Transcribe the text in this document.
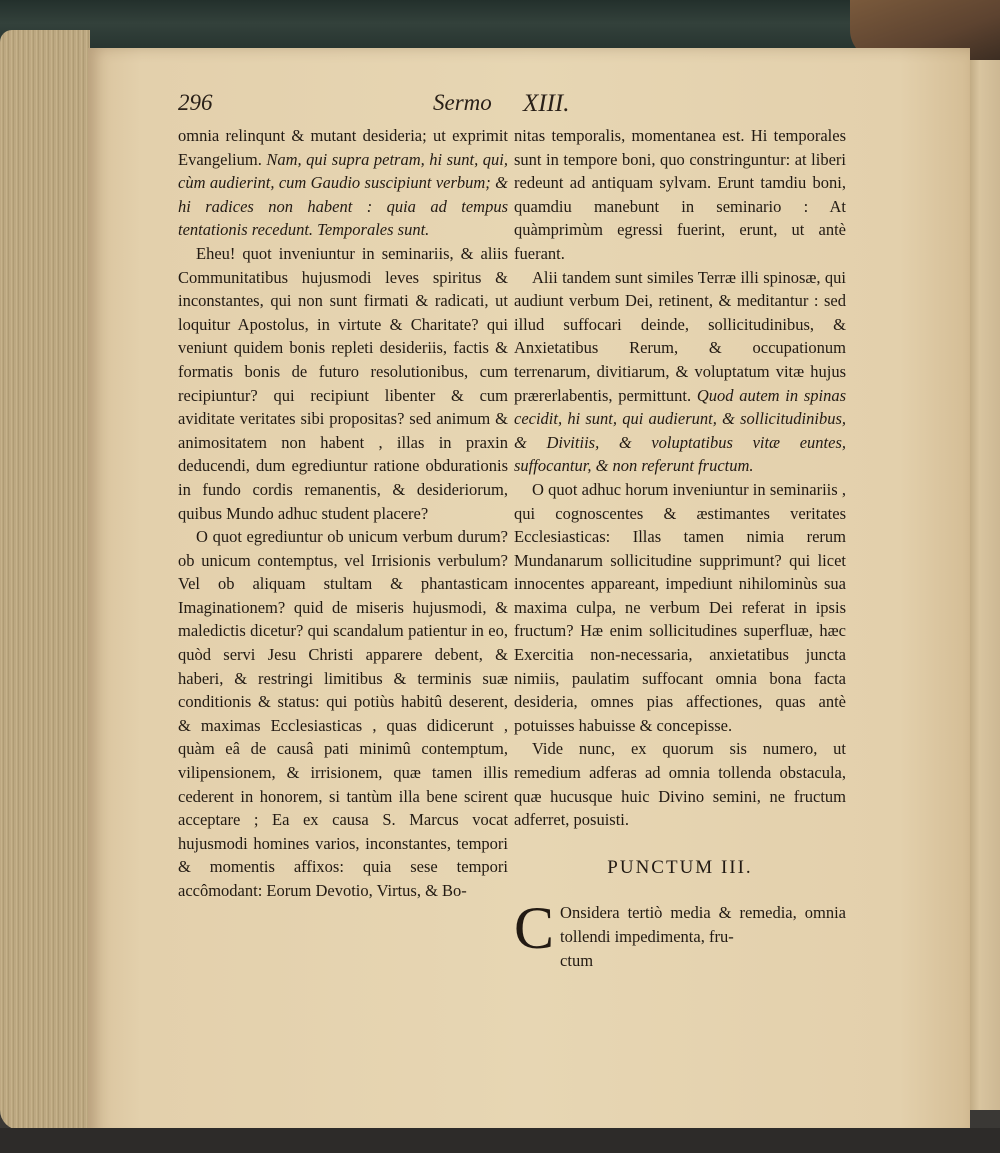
296	Sermo XIII.

omnia relinqunt & mutant desideria; ut exprimit Evangelium. Nam, qui supra petram, hi sunt, qui, cùm audierint, cum Gaudio suscipiunt verbum; & hi radices non habent : quia ad tempus tentationis recedunt. Temporales sunt.

Eheu! quot inveniuntur in seminariis, & aliis Communitatibus hujusmodi leves spiritus & inconstantes, qui non sunt firmati & radicati, ut loquitur Apostolus, in virtute & Charitate? qui veniunt quidem bonis repleti desideriis, factis & formatis bonis de futuro resolutionibus, cum recipiuntur? qui recipiunt libenter & cum aviditate veritates sibi propositas? sed animum & animositatem non habent , illas in praxin deducendi, dum egrediuntur ratione obdurationis in fundo cordis remanentis, & desideriorum, quibus Mundo adhuc student placere?

O quot egrediuntur ob unicum verbum durum? ob unicum contemptus, vel Irrisionis verbulum? Vel ob aliquam stultam & phantasticam Imaginationem? quid de miseris hujusmodi, & maledictis dicetur? qui scandalum patientur in eo, quòd servi Jesu Christi apparere debent, & haberi, & restringi limitibus & terminis suæ conditionis & status: qui potiùs habitû deserent, & maximas Ecclesiasticas , quas didicerunt , quàm eâ de causâ pati minimû contemptum, vilipensionem, & irrisionem, quæ tamen illis cederent in honorem, si tantùm illa bene scirent acceptare ; Ea ex causa S. Marcus vocat hujusmodi homines varios, inconstantes, tempori & momentis affixos: quia sese tempori accômodant: Eorum Devotio, Virtus, & Bo-

nitas temporalis, momentanea est. Hi temporales sunt in tempore boni, quo constringuntur: at liberi redeunt ad antiquam sylvam. Erunt tamdiu boni, quamdiu manebunt in seminario : At quàmprimùm egressi fuerint, erunt, ut antè fuerant.

Alii tandem sunt similes Terræ illi spinosæ, qui audiunt verbum Dei, retinent, & meditantur : sed illud suffocari deinde, sollicitudinibus, & Anxietatibus Rerum, & occupationum terrenarum, divitiarum, & voluptatum vitæ hujus prærerlabentis, permittunt. Quod autem in spinas cecidit, hi sunt, qui audierunt, & sollicitudinibus, & Divitiis, & voluptatibus vitæ euntes, suffocantur, & non referunt fructum.

O quot adhuc horum inveniuntur in seminariis , qui cognoscentes & æstimantes veritates Ecclesiasticas: Illas tamen nimia rerum Mundanarum sollicitudine supprimunt? qui licet innocentes appareant, impediunt nihilominùs sua maxima culpa, ne verbum Dei referat in ipsis fructum? Hæ enim sollicitudines superfluæ, hæc Exercitia non-necessaria, anxietatibus juncta nimiis, paulatim suffocant omnia bona facta desideria, omnes pias affectiones, quas antè potuisses habuisse & concepisse.

Vide nunc, ex quorum sis numero, ut remedium adferas ad omnia tollenda obstacula, quæ hucusque huic Divino semini, ne fructum adferret, posuisti.

PUNCTUM III.

C Onsidera tertiò media & remedia, omnia tollendi impedimenta, fru-

ctum
